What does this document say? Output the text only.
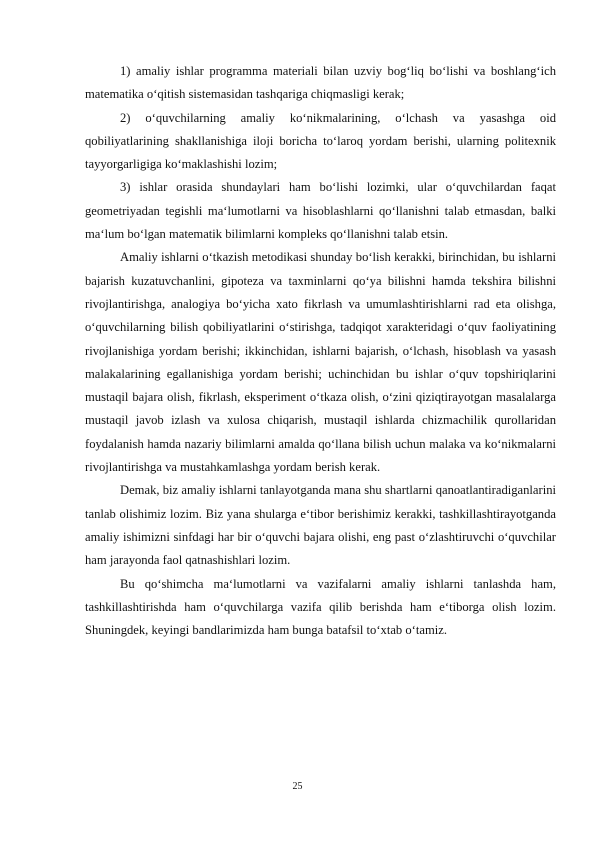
1) amaliy ishlar programma materiali bilan uzviy bog‘liq bo‘lishi va boshlang‘ich matematika o‘qitish sistemasidan tashqariga chiqmasligi kerak;

2) o‘quvchilarning amaliy ko‘nikmalarining, o‘lchash va yasashga oid qobiliyatlarining shakllanishiga iloji boricha to‘laroq yordam berishi, ularning politexnik tayyorgarligiga ko‘maklashishi lozim;

3) ishlar orasida shundaylari ham bo‘lishi lozimki, ular o‘quvchilardan faqat geometriyadan tegishli ma‘lumotlarni va hisoblashlarni qo‘llanishni talab etmasdan, balki ma‘lum bo‘lgan matematik bilimlarni kompleks qo‘llanishni talab etsin.

Amaliy ishlarni o‘tkazish metodikasi shunday bo‘lish kerakki, birinchidan, bu ishlarni bajarish kuzatuvchanlini, gipoteza va taxminlarni qo‘ya bilishni hamda tekshira bilishni rivojlantirishga, analogiya bo‘yicha xato fikrlash va umumlashtirishlarni rad eta olishga, o‘quvchilarning bilish qobiliyatlarini o‘stirishga, tadqiqot xarakteridagi o‘quv faoliyatining rivojlanishiga yordam berishi; ikkinchidan, ishlarni bajarish, o‘lchash, hisoblash va yasash malakalarining egallanishiga yordam berishi; uchinchidan bu ishlar o‘quv topshiriqlarini mustaqil bajara olish, fikrlash, eksperiment o‘tkaza olish, o‘zini qiziqtirayotgan masalalarga mustaqil javob izlash va xulosa chiqarish, mustaqil ishlarda chizmachilik qurollaridan foydalanish hamda nazariy bilimlarni amalda qo‘llana bilish uchun malaka va ko‘nikmalarni rivojlantirishga va mustahkamlashga yordam berish kerak.

Demak, biz amaliy ishlarni tanlayotganda mana shu shartlarni qanoatlantiradiganlarini tanlab olishimiz lozim. Biz yana shularga e‘tibor berishimiz kerakki, tashkillashtirayotganda amaliy ishimizni sinfdagi har bir o‘quvchi bajara olishi, eng past o‘zlashtiruvchi o‘quvchilar ham jarayonda faol qatnashishlari lozim.

Bu qo‘shimcha ma‘lumotlarni va vazifalarni amaliy ishlarni tanlashda ham, tashkillashtirishda ham o‘quvchilarga vazifa qilib berishda ham e‘tiborga olish lozim. Shuningdek, keyingi bandlarimizda ham bunga batafsil to‘xtab o‘tamiz.

25
